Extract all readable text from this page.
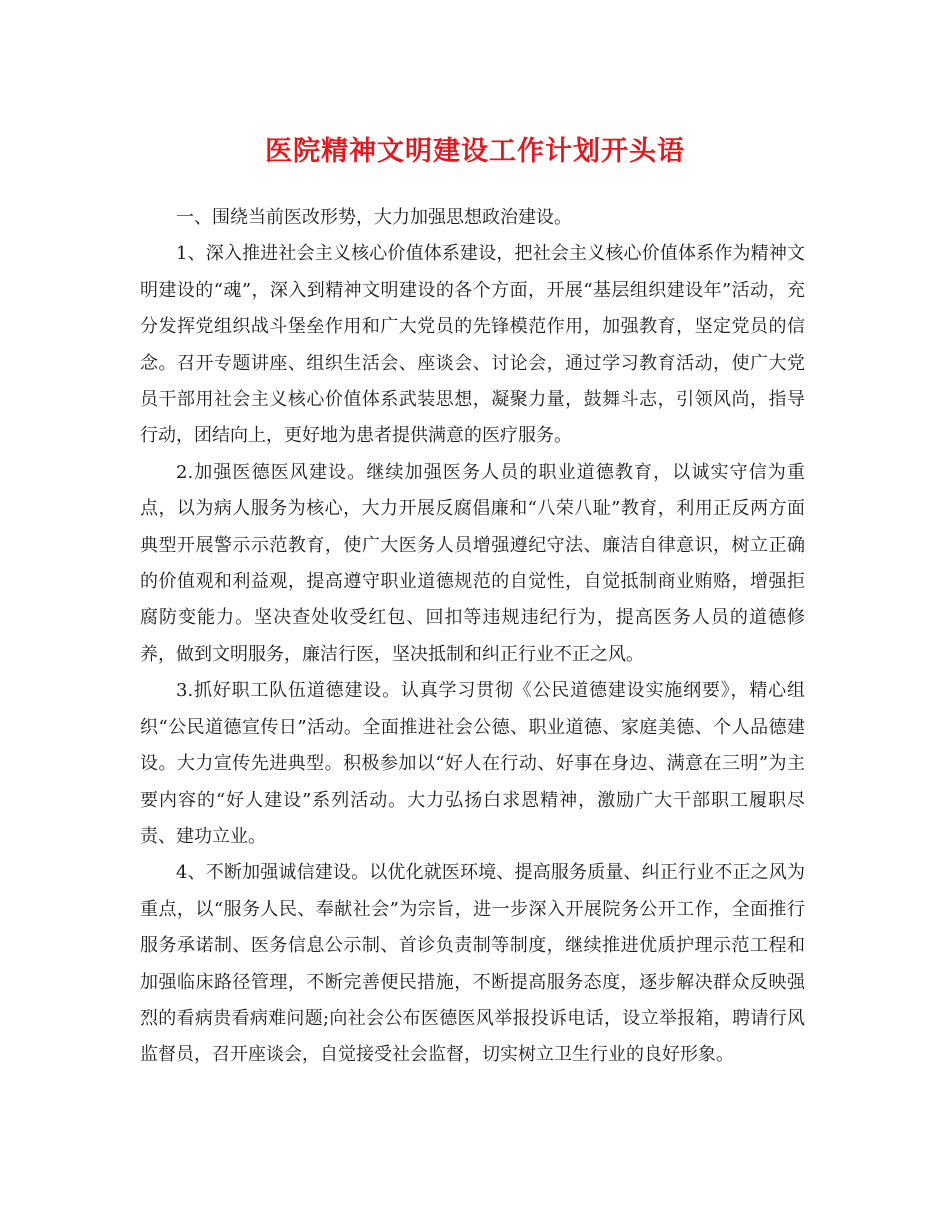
医院精神文明建设工作计划开头语

一、围绕当前医改形势，大力加强思想政治建设。

1、深入推进社会主义核心价值体系建设，把社会主义核心价值体系作为精神文明建设的“魂”，深入到精神文明建设的各个方面，开展“基层组织建设年”活动，充分发挥党组织战斗堡垒作用和广大党员的先锋模范作用，加强教育，坚定党员的信念。召开专题讲座、组织生活会、座谈会、讨论会，通过学习教育活动，使广大党员干部用社会主义核心价值体系武装思想，凝聚力量，鼓舞斗志，引领风尚，指导行动，团结向上，更好地为患者提供满意的医疗服务。

2.加强医德医风建设。继续加强医务人员的职业道德教育，以诚实守信为重点，以为病人服务为核心，大力开展反腐倡廉和“八荣八耻”教育，利用正反两方面典型开展警示示范教育，使广大医务人员增强遵纪守法、廉洁自律意识，树立正确的价值观和利益观，提高遵守职业道德规范的自觉性，自觉抵制商业贿赂，增强拒腐防变能力。坚决查处收受红包、回扣等违规违纪行为，提高医务人员的道德修养，做到文明服务，廉洁行医，坚决抵制和纠正行业不正之风。

3.抓好职工队伍道德建设。认真学习贯彻《公民道德建设实施纲要》，精心组织“公民道德宣传日”活动。全面推进社会公德、职业道德、家庭美德、个人品德建设。大力宣传先进典型。积极参加以“好人在行动、好事在身边、满意在三明”为主要内容的“好人建设”系列活动。大力弘扬白求恩精神，激励广大干部职工履职尽责、建功立业。

4、不断加强诚信建设。以优化就医环境、提高服务质量、纠正行业不正之风为重点，以“服务人民、奉献社会”为宗旨，进一步深入开展院务公开工作，全面推行服务承诺制、医务信息公示制、首诊负责制等制度，继续推进优质护理示范工程和加强临床路径管理，不断完善便民措施，不断提高服务态度，逐步解决群众反映强烈的看病贵看病难问题;向社会公布医德医风举报投诉电话，设立举报箱，聘请行风监督员，召开座谈会，自觉接受社会监督，切实树立卫生行业的良好形象。
